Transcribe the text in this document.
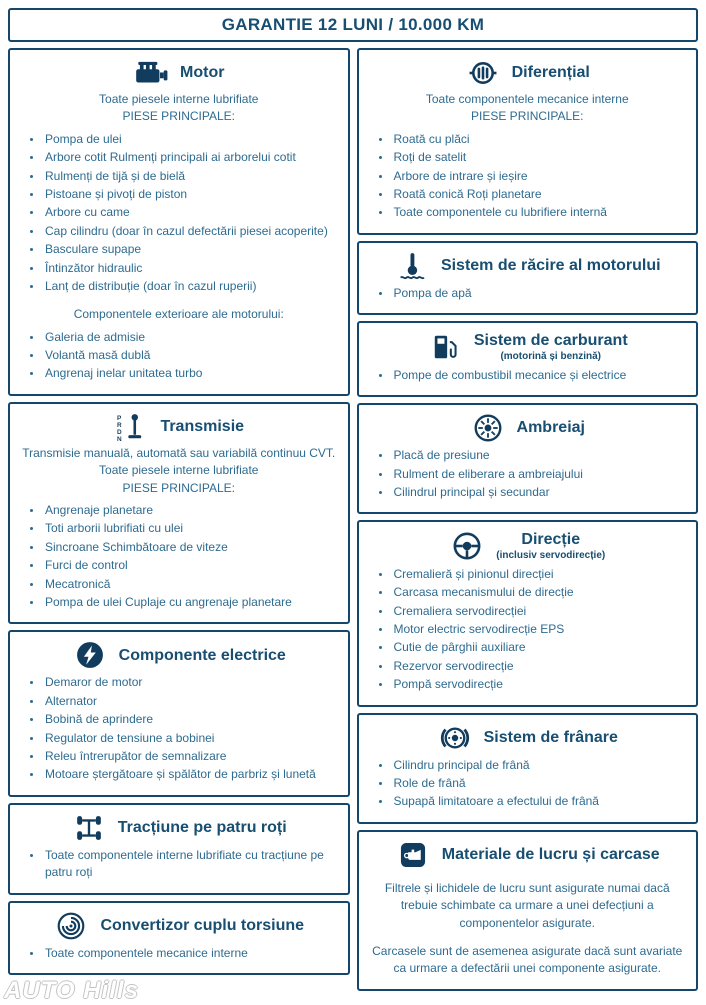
GARANTIE 12 LUNI / 10.000 KM
Motor
Toate piesele interne lubrifiate
PIESE PRINCIPALE:
• Pompa de ulei
• Arbore cotit Rulmenți principali ai arborelui cotit
• Rulmenți de tijă și de bielă
• Pistoane și pivoți de piston
• Arbore cu came
• Cap cilindru (doar în cazul defectării piesei acoperite)
• Basculare supape
• Întinzător hidraulic
• Lanț de distribuție (doar în cazul ruperii)
Componentele exterioare ale motorului:
• Galeria de admisie
• Volantă masă dublă
• Angrenaj inelar unitatea turbo
P
R
D
N
Transmisie
Transmisie manuală, automată sau variabilă continuu CVT.
Toate piesele interne lubrifiate
PIESE PRINCIPALE:
• Angrenaje planetare
• Toti arborii lubrifiati cu ulei
• Sincroane Schimbătoare de viteze
• Furci de control
• Mecatronică
• Pompa de ulei Cuplaje cu angrenaje planetare
Componente electrice
• Demaror de motor
• Alternator
• Bobină de aprindere
• Regulator de tensiune a bobinei
• Releu întrerupător de semnalizare
• Motoare ștergătoare și spălător de parbriz și lunetă
Tracțiune pe patru roți
• Toate componentele interne lubrifiate cu tracțiune pe patru roți
Convertizor cuplu torsiune
• Toate componentele mecanice interne
Diferențial
Toate componentele mecanice interne
PIESE PRINCIPALE:
• Roată cu plăci
• Roți de satelit
• Arbore de intrare și ieșire
• Roată conică Roți planetare
• Toate componentele cu lubrifiere internă
Sistem de răcire al motorului
• Pompa de apă
Sistem de carburant
(motorină și benzină)
• Pompe de combustibil mecanice și electrice
Ambreiaj
• Placă de presiune
• Rulment de eliberare a ambreiajului
• Cilindrul principal și secundar
Direcție
(inclusiv servodirecție)
• Cremalieră și pinionul direcției
• Carcasa mecanismului de direcție
• Cremaliera servodirecției
• Motor electric servodirecție EPS
• Cutie de pârghii auxiliare
• Rezervor servodirecție
• Pompă servodirecție
Sistem de frânare
• Cilindru principal de frână
• Role de frână
• Supapă limitatoare a efectului de frână
Materiale de lucru și carcase

Filtrele și lichidele de lucru sunt asigurate numai dacă trebuie schimbate ca urmare a unei defecțiuni a componentelor asigurate.

Carcasele sunt de asemenea asigurate dacă sunt avariate ca urmare a defectării unei componente asigurate.

AUTO Hills
